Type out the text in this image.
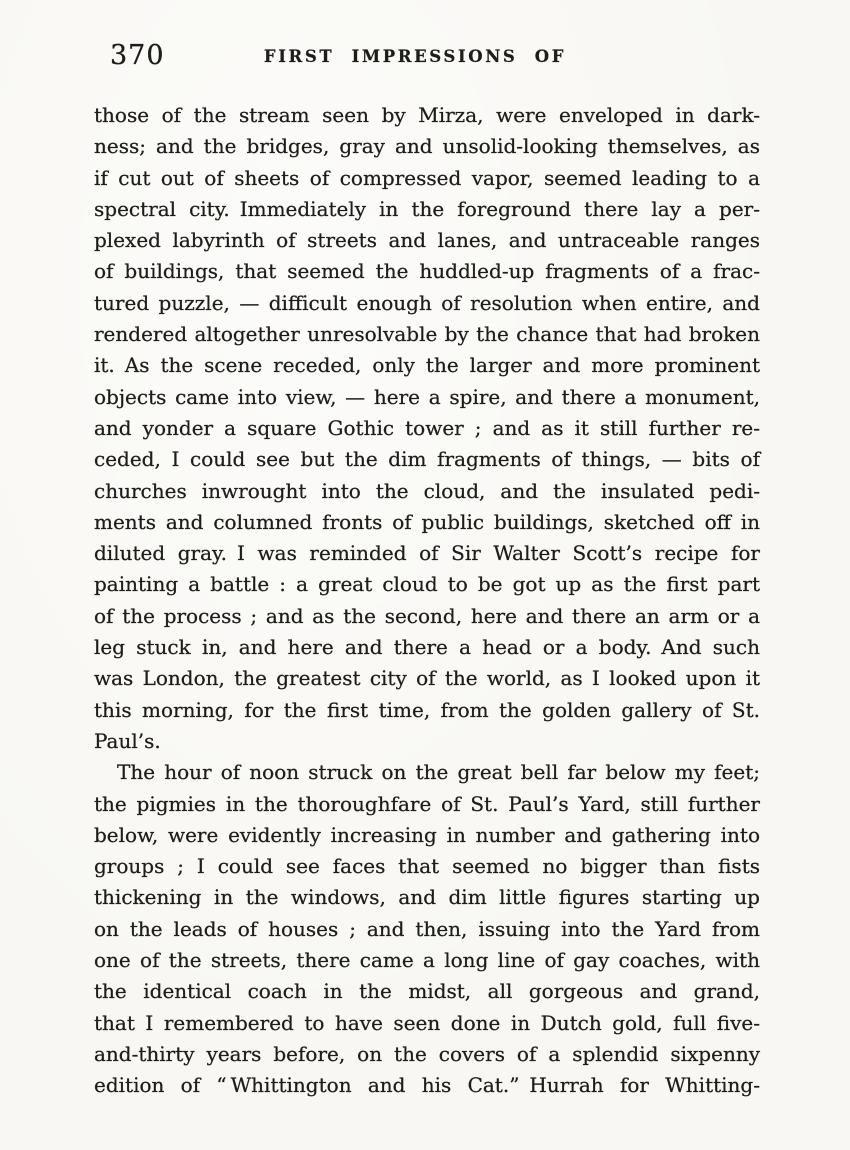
370	FIRST IMPRESSIONS OF
those of the stream seen by Mirza, were enveloped in dark-
ness; and the bridges, gray and unsolid-looking themselves, as
if cut out of sheets of compressed vapor, seemed leading to a
spectral city. Immediately in the foreground there lay a per-
plexed labyrinth of streets and lanes, and untraceable ranges
of buildings, that seemed the huddled-up fragments of a frac-
tured puzzle, — difficult enough of resolution when entire, and
rendered altogether unresolvable by the chance that had broken
it. As the scene receded, only the larger and more prominent
objects came into view, — here a spire, and there a monument,
and yonder a square Gothic tower ; and as it still further re-
ceded, I could see but the dim fragments of things, — bits of
churches inwrought into the cloud, and the insulated pedi-
ments and columned fronts of public buildings, sketched off in
diluted gray. I was reminded of Sir Walter Scott’s recipe for
painting a battle : a great cloud to be got up as the first part
of the process ; and as the second, here and there an arm or a
leg stuck in, and here and there a head or a body. And such
was London, the greatest city of the world, as I looked upon it
this morning, for the first time, from the golden gallery of St.
Paul’s.
The hour of noon struck on the great bell far below my feet;
the pigmies in the thoroughfare of St. Paul’s Yard, still further
below, were evidently increasing in number and gathering into
groups ; I could see faces that seemed no bigger than fists
thickening in the windows, and dim little figures starting up
on the leads of houses ; and then, issuing into the Yard from
one of the streets, there came a long line of gay coaches, with
the identical coach in the midst, all gorgeous and grand,
that I remembered to have seen done in Dutch gold, full five-
and-thirty years before, on the covers of a splendid sixpenny
edition of “ Whittington and his Cat.” Hurrah for Whitting-
